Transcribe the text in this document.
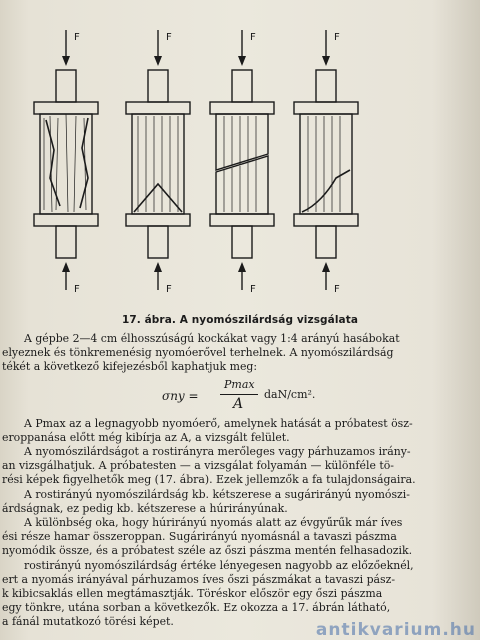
F
F
F
F
F
F
F
F
17. ábra. A nyomószilárdság vizsgálata
A gépbe 2—4 cm élhosszúságú kockákat vagy 1:4 arányú hasábokat
elyeznek és tönkremenésig nyomóerővel terhelnek. A nyomószilárdság
tékét a következő kifejezésből kaphatjuk meg:
σny =
Pmax
A
daN/cm².
A Pmax az a legnagyobb nyomóerő, amelynek hatását a próbatest ösz-
eroppanása előtt még kibírja az A, a vizsgált felület.
A nyomószilárdságot a rostirányra merőleges vagy párhuzamos irány-
an vizsgálhatjuk. A próbatesten — a vizsgálat folyamán — különféle tö-
rési képek figyelhetők meg (17. ábra). Ezek jellemzők a fa tulajdonságaira.
A rostirányú nyomószilárdság kb. kétszerese a sugárirányú nyomószi-
árdságnak, ez pedig kb. kétszerese a húrirányúnak.
A különbség oka, hogy húrirányú nyomás alatt az évgyűrűk már íves
ési része hamar összeroppan. Sugárirányú nyomásnál a tavaszi pászma
nyomódik össze, és a próbatest széle az őszi pászma mentén felhasadozik.
rostirányú nyomószilárdság értéke lényegesen nagyobb az előzőeknél,
ert a nyomás irányával párhuzamos íves őszi pászmákat a tavaszi pász-
k kibicsaklás ellen megtámasztják. Töréskor először egy őszi pászma
egy tönkre, utána sorban a következők. Ez okozza a 17. ábrán látható,
a fánál mutatkozó törési képet.	antikvarium.hu
